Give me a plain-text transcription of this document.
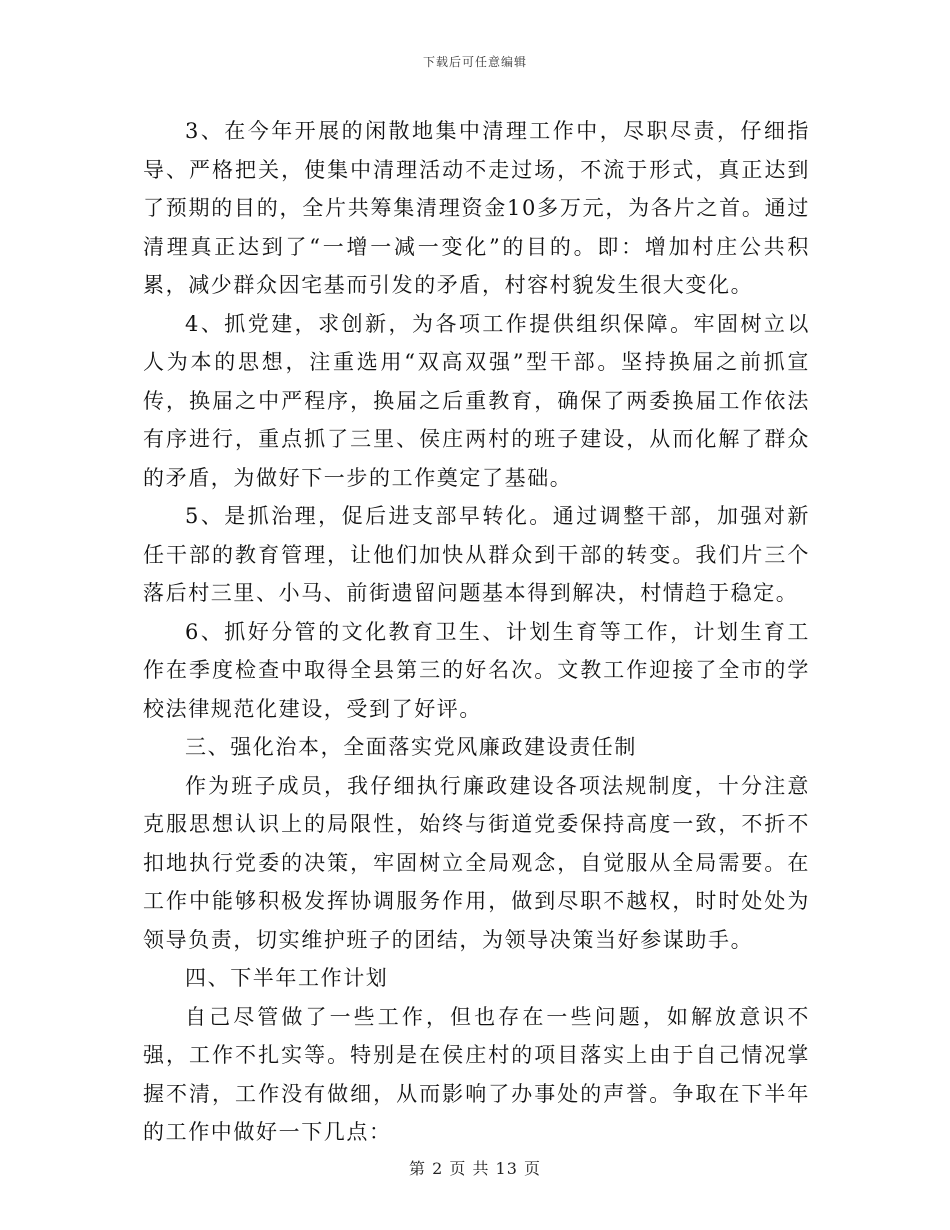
下载后可任意编辑

3、在今年开展的闲散地集中清理工作中，尽职尽责，仔细指导、严格把关，使集中清理活动不走过场，不流于形式，真正达到了预期的目的，全片共筹集清理资金10多万元，为各片之首。通过清理真正达到了“一增一减一变化”的目的。即：增加村庄公共积累，减少群众因宅基而引发的矛盾，村容村貌发生很大变化。

4、抓党建，求创新，为各项工作提供组织保障。牢固树立以人为本的思想，注重选用“双高双强”型干部。坚持换届之前抓宣传，换届之中严程序，换届之后重教育，确保了两委换届工作依法有序进行，重点抓了三里、侯庄两村的班子建设，从而化解了群众的矛盾，为做好下一步的工作奠定了基础。

5、是抓治理，促后进支部早转化。通过调整干部，加强对新任干部的教育管理，让他们加快从群众到干部的转变。我们片三个落后村三里、小马、前街遗留问题基本得到解决，村情趋于稳定。

6、抓好分管的文化教育卫生、计划生育等工作，计划生育工作在季度检查中取得全县第三的好名次。文教工作迎接了全市的学校法律规范化建设，受到了好评。

三、强化治本，全面落实党风廉政建设责任制

作为班子成员，我仔细执行廉政建设各项法规制度，十分注意克服思想认识上的局限性，始终与街道党委保持高度一致，不折不扣地执行党委的决策，牢固树立全局观念，自觉服从全局需要。在工作中能够积极发挥协调服务作用，做到尽职不越权，时时处处为领导负责，切实维护班子的团结，为领导决策当好参谋助手。

四、下半年工作计划

自己尽管做了一些工作，但也存在一些问题，如解放意识不强，工作不扎实等。特别是在侯庄村的项目落实上由于自己情况掌握不清，工作没有做细，从而影响了办事处的声誉。争取在下半年的工作中做好一下几点：

第 2 页 共 13 页
